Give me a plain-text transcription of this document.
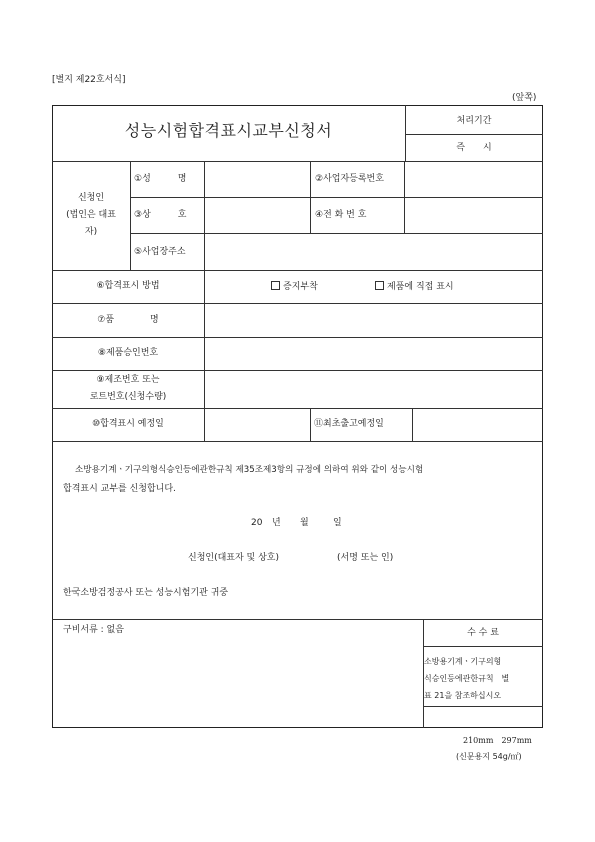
[별지 제22호서식]
(앞쪽)
성능시험합격표시교부신청서	처리기간
즉　　시
신청인
(법인은 대표
자)
①성　　　명	②사업자등록번호
③상　　　호	④전 화 번 호
⑤사업장주소
⑥합격표시 방법	증지부착	제품에 직접 표시
⑦품　　　　명
⑧제품승인번호
⑨제조번호 또는
로트번호(신청수량)
⑩합격표시 예정일	⑪최초출고예정일
소방용기계ㆍ기구의형식승인등에관한규칙 제35조제3항의 규정에 의하여 위와 같이 성능시험
합격표시 교부를 신청합니다.
20 년 월	일
신청인(대표자 및 상호)	(서명 또는 인)
한국소방검정공사 또는 성능시험기관 귀중
구비서류 : 없음	수 수 료
소방용기계ㆍ기구의형
식승인등에관한규칙　별
표 21을 참조하십시오
210mm　297mm
(신문용지 54g/㎡)
